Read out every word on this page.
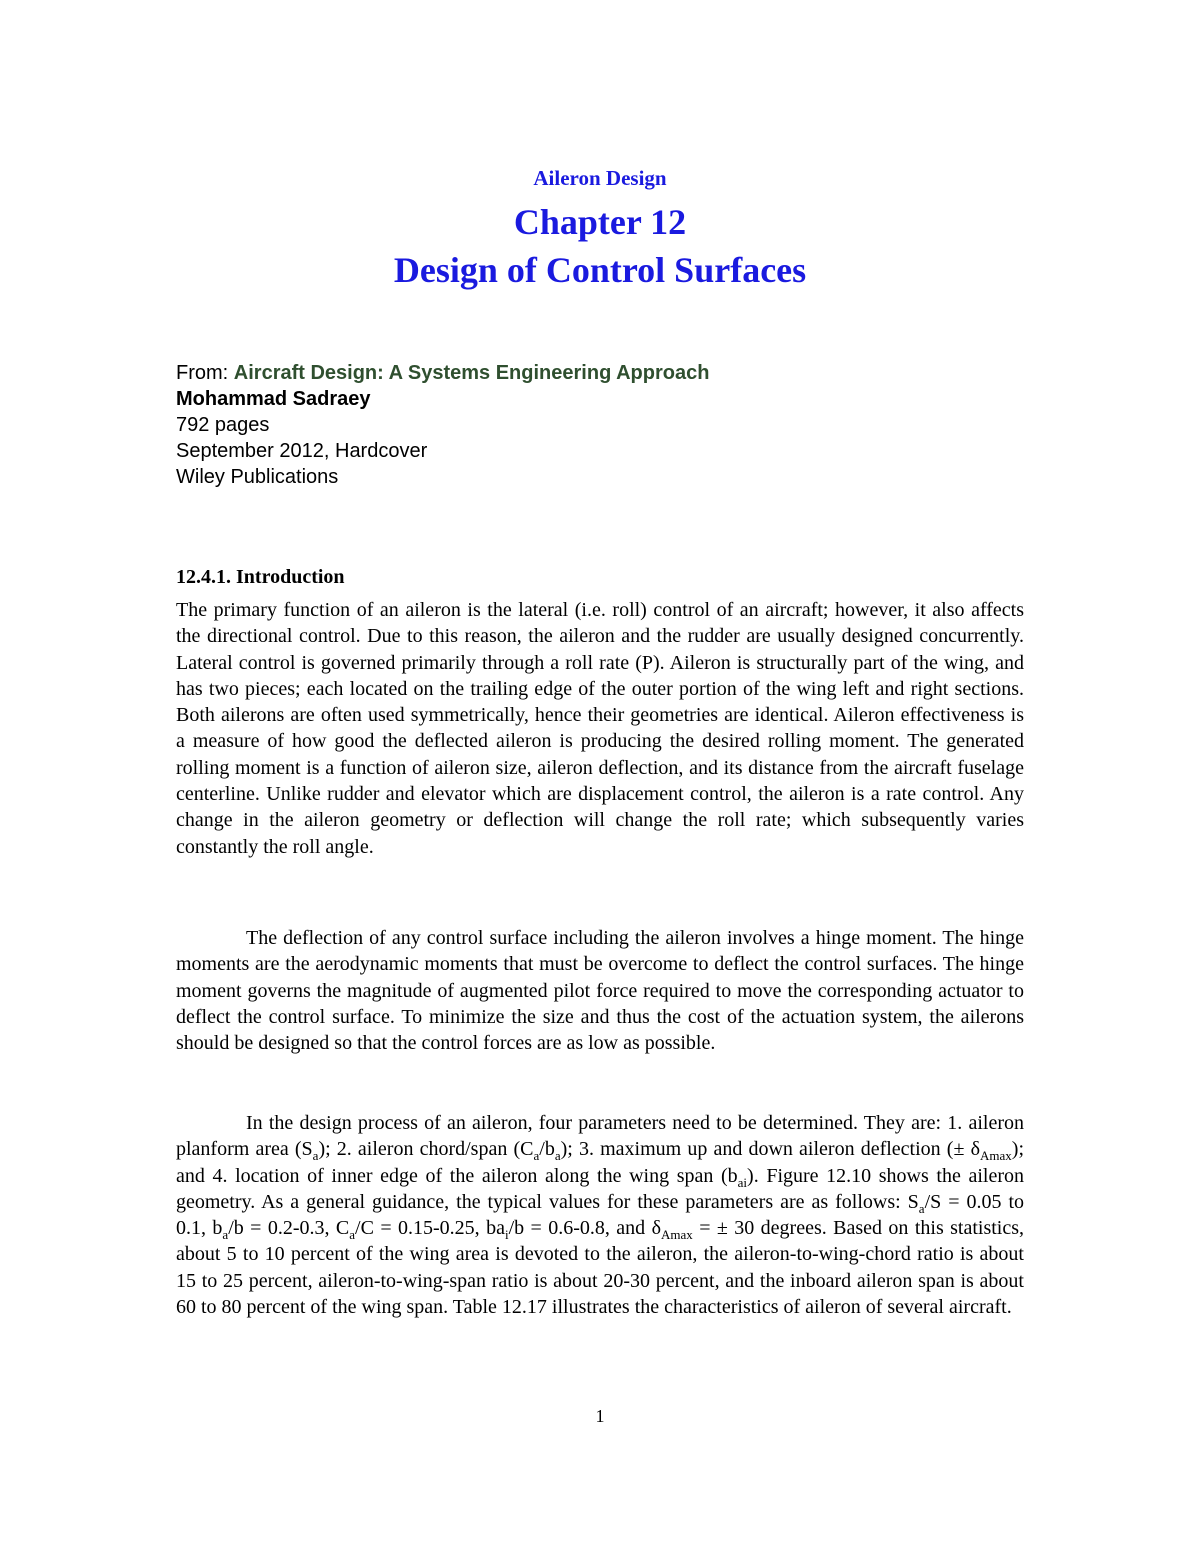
Aileron Design
Chapter 12
Design of Control Surfaces
From: Aircraft Design: A Systems Engineering Approach
Mohammad Sadraey
792 pages
September 2012, Hardcover
Wiley Publications
12.4.1. Introduction
The primary function of an aileron is the lateral (i.e. roll) control of an aircraft; however, it also affects the directional control. Due to this reason, the aileron and the rudder are usually designed concurrently. Lateral control is governed primarily through a roll rate (P). Aileron is structurally part of the wing, and has two pieces; each located on the trailing edge of the outer portion of the wing left and right sections. Both ailerons are often used symmetrically, hence their geometries are identical. Aileron effectiveness is a measure of how good the deflected aileron is producing the desired rolling moment. The generated rolling moment is a function of aileron size, aileron deflection, and its distance from the aircraft fuselage centerline. Unlike rudder and elevator which are displacement control, the aileron is a rate control. Any change in the aileron geometry or deflection will change the roll rate; which subsequently varies constantly the roll angle.
The deflection of any control surface including the aileron involves a hinge moment. The hinge moments are the aerodynamic moments that must be overcome to deflect the control surfaces. The hinge moment governs the magnitude of augmented pilot force required to move the corresponding actuator to deflect the control surface. To minimize the size and thus the cost of the actuation system, the ailerons should be designed so that the control forces are as low as possible.
In the design process of an aileron, four parameters need to be determined. They are: 1. aileron planform area $(S_a)$; 2. aileron chord/span $(C_a/b_a)$; 3. maximum up and down aileron deflection (± $\delta_{Amax}$); and 4. location of inner edge of the aileron along the wing span $(b_{ai})$. Figure 12.10 shows the aileron geometry. As a general guidance, the typical values for these parameters are as follows: $S_a/S = 0.05$ to 0.1, $b_a/b = 0.2-0.3$, $C_a/C = 0.15-0.25$, $ba_i/b = 0.6-0.8$, and $\delta_{Amax}$ = ± 30 degrees. Based on this statistics, about 5 to 10 percent of the wing area is devoted to the aileron, the aileron-to-wing-chord ratio is about 15 to 25 percent, aileron-to-wing-span ratio is about 20-30 percent, and the inboard aileron span is about 60 to 80 percent of the wing span. Table 12.17 illustrates the characteristics of aileron of several aircraft.
1
